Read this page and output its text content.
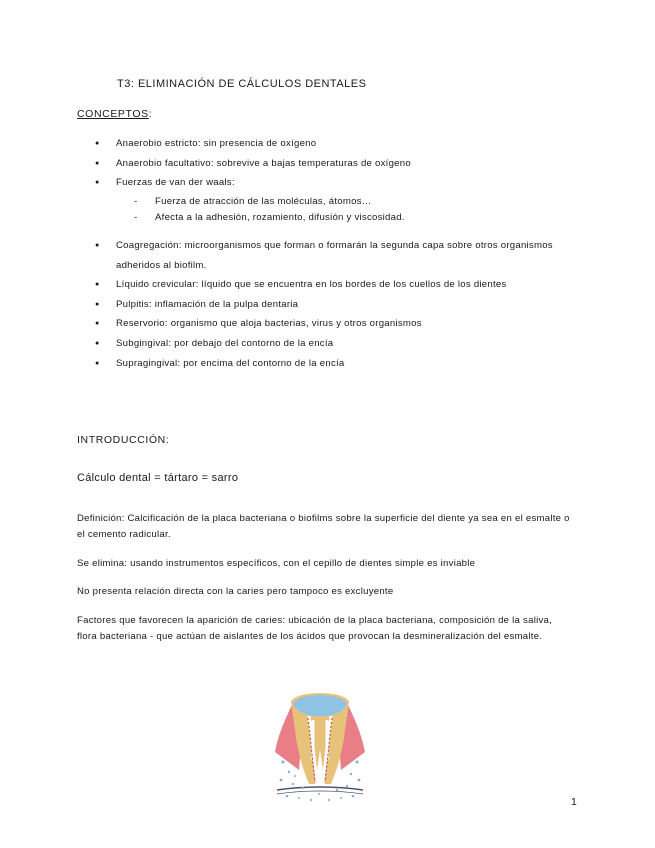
T3: ELIMINACIÓN DE CÁLCULOS DENTALES
CONCEPTOS:
● Anaerobio estricto: sin presencia de oxígeno
● Anaerobio facultativo: sobrevive a bajas temperaturas de oxígeno
● Fuerzas de van der waals:
- Fuerza de atracción de las moléculas, átomos…
- Afecta a la adhesión, rozamiento, difusión y viscosidad.
● Coagregación: microorganismos que forman o formarán la segunda capa sobre otros organismos adheridos al biofilm.
● Líquido crevicular: líquido que se encuentra en los bordes de los cuellos de los dientes
● Pulpitis: inflamación de la pulpa dentaria
● Reservorio: organismo que aloja bacterias, virus y otros organismos
● Subgingival: por debajo del contorno de la encía
● Supragingival: por encima del contorno de la encía
INTRODUCCIÓN:
Cálculo dental = tártaro = sarro

Definición: Calcificación de la placa bacteriana o biofilms sobre la superficie del diente ya sea en el esmalte o el cemento radicular.

Se elimina: usando instrumentos específicos, con el cepillo de dientes simple es inviable

No presenta relación directa con la caries pero tampoco es excluyente

Factores que favorecen la aparición de caries: ubicación de la placa bacteriana, composición de la saliva, flora bacteriana - que actúan de aislantes de los ácidos que provocan la desmineralización del esmalte.

1
